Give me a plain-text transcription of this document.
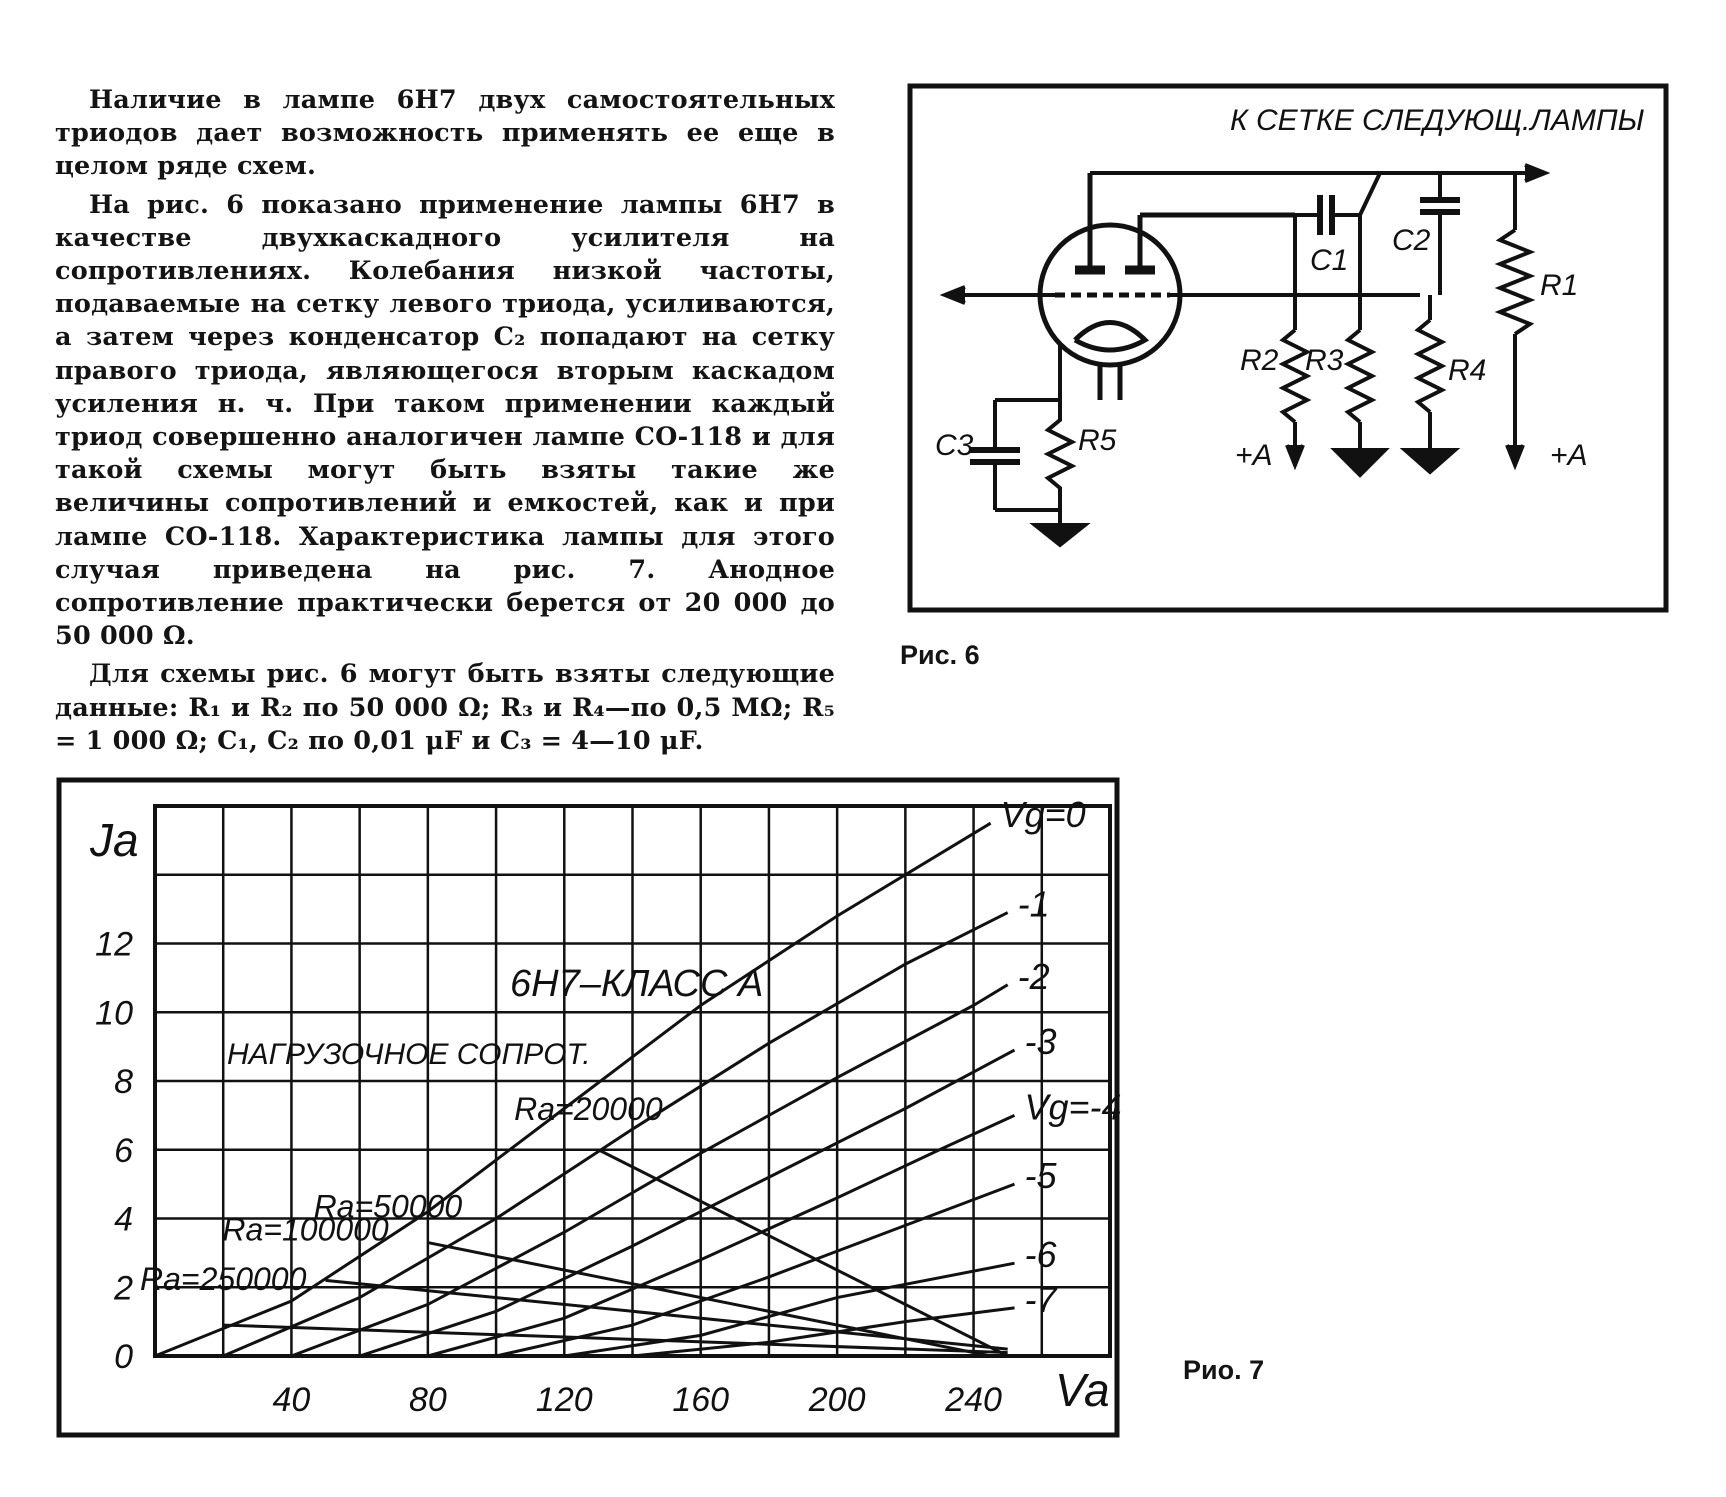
Наличие в лампе 6Н7 двух самостоятельных триодов дает возможность применять ее еще в целом ряде схем.

На рис. 6 показано применение лампы 6Н7 в качестве двухкаскадного усилителя на сопротивлениях. Колебания низкой частоты, подаваемые на сетку левого триода, усиливаются, а затем через конденсатор C₂ попадают на сетку правого триода, являющегося вторым каскадом усиления н. ч. При таком применении каждый триод совершенно аналогичен лампе СО-118 и для такой схемы могут быть взяты такие же величины сопротивлений и емкостей, как и при лампе СО-118. Характеристика лампы для этого случая приведена на рис. 7. Анодное сопротивление практически берется от 20 000 до 50 000 Ω.

Для схемы рис. 6 могут быть взяты следующие данные: R₁ и R₂ по 50 000 Ω; R₃ и R₄—по 0,5 MΩ; R₅ = 1 000 Ω; C₁, C₂ по 0,01 μF и C₃ = 4—10 μF.

К СЕТКЕ СЛЕДУЮЩ.ЛАМПЫ
C1
C2
R1
+A
R2
+A
R3	R4
C3	R5
Рис. 6
Vg=0
-1
-2
-3
Vg=-4
-5
-6
-7
Ra=20000
Ra=50000
Ra=100000
Ra=250000
40	80	120 160 200 240
0
2
4
6
8
10
12
6Н7–КЛАСС А
Ja
Va
НАГРУЗОЧНОЕ СОПРОТ.
Рио. 7
